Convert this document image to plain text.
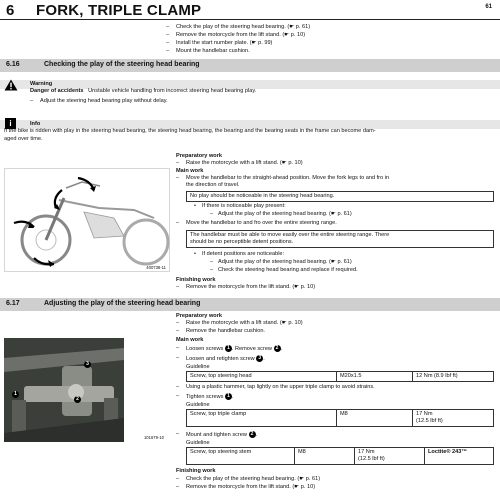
6 FORK, TRIPLE CLAMP	61
– Check the play of the steering head bearing. (☛ p. 61)
– Remove the motorcycle from the lift stand. (☛ p. 10)
– Install the start number plate. (☛ p. 99)
– Mount the handlebar cushion.
6.16	Checking the play of the steering head bearing
Warning
Danger of accidents Unstable vehicle handling from incorrect steering head bearing play.
– Adjust the steering head bearing play without delay.
i	Info
If the bike is ridden with play in the steering head bearing, the steering head bearing, the bearing and the bearing seats in the frame can become dam-
aged over time.
400738-11
Preparatory work
– Raise the motorcycle with a lift stand. (☛ p. 10)
Main work
– Move the handlebar to the straight-ahead position. Move the fork legs to and fro in
the direction of travel.
No play should be noticeable in the steering head bearing.
• If there is noticeable play present:
– Adjust the play of the steering head bearing. (☛ p. 61)
– Move the handlebar to and fro over the entire steering range.
The handlebar must be able to move easily over the entire steering range. There
should be no perceptible detent positions.
• If detent positions are noticeable:
– Adjust the play of the steering head bearing. (☛ p. 61)
– Check the steering head bearing and replace if required.
Finishing work
– Remove the motorcycle from the lift stand. (☛ p. 10)
6.17	Adjusting the play of the steering head bearing
3
1
2
101679-10
Preparatory work
– Raise the motorcycle with a lift stand. (☛ p. 10)
– Remove the handlebar cushion.
Main work
– Loosen screws 1 . Remove screw 2 .
– Loosen and retighten screw 3 .
Guideline
Screw, top steering head	M20x1.5	12 Nm (8.9 lbf ft)
– Using a plastic hammer, tap lightly on the upper triple clamp to avoid strains.
– Tighten screws 1 .
Guideline
Screw, top triple clamp	M8	17 Nm
(12.5 lbf ft)
– Mount and tighten screw 2 .
Guideline
Screw, top steering stem	M8	17 Nm
(12.5 lbf ft)
	Loctite® 243™
Finishing work
– Check the play of the steering head bearing. (☛ p. 61)
– Remove the motorcycle from the lift stand. (☛ p. 10)
